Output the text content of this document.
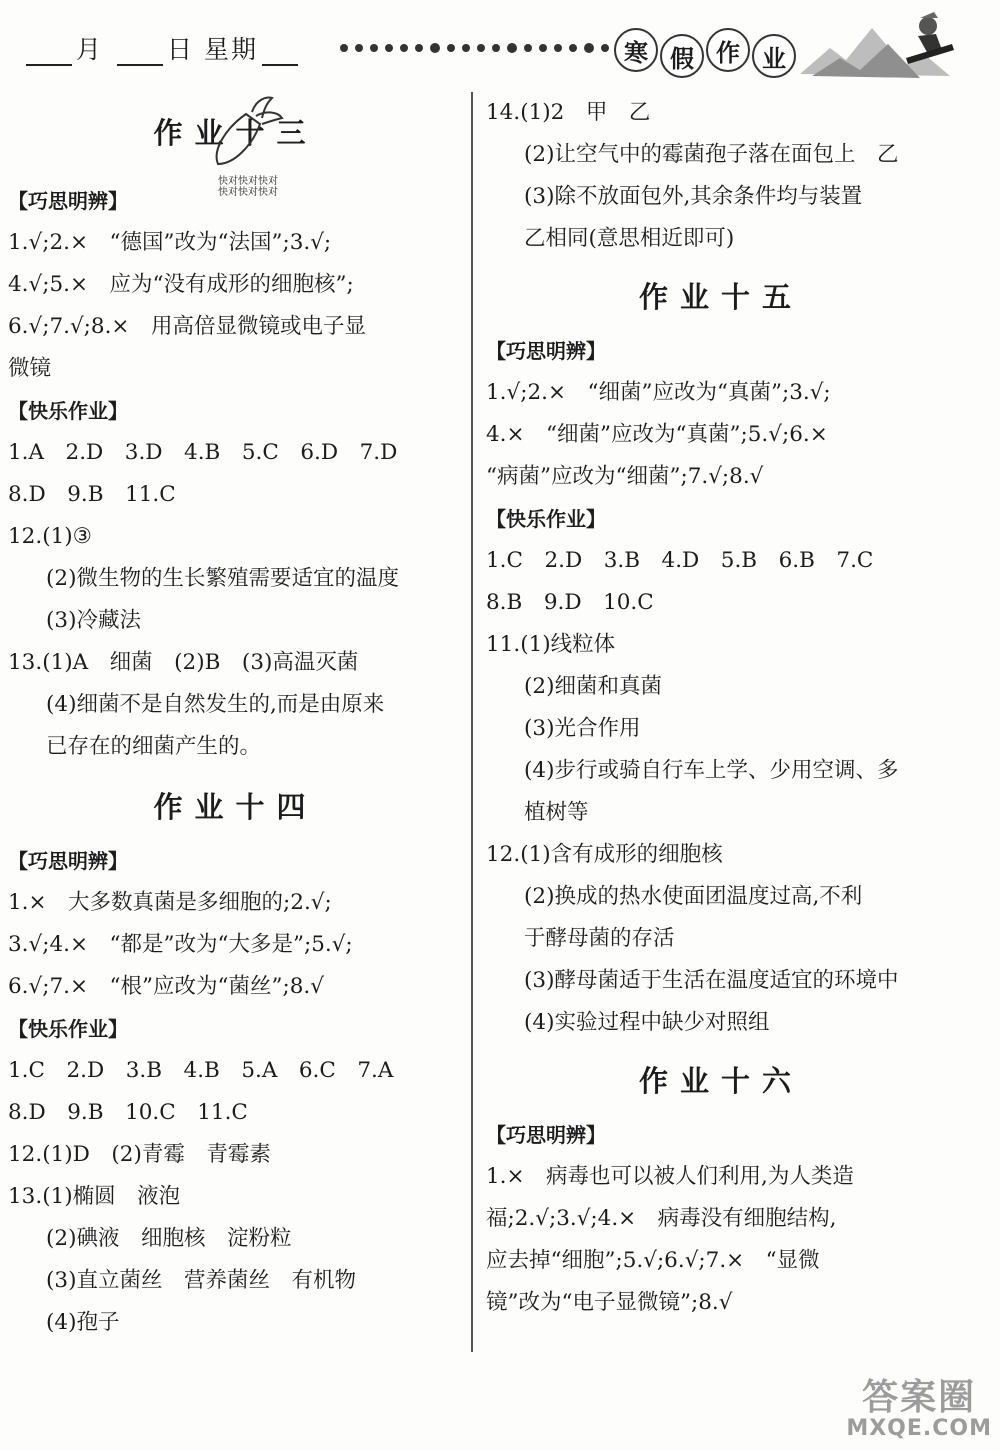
月	日 星期	寒 假 作 业
作业十三
快对快对快对
快对快对快对
【巧思明辨】
1.√;2.×　“德国”改为“法国”;3.√;
4.√;5.×　应为“没有成形的细胞核”;
6.√;7.√;8.×　用高倍显微镜或电子显
微镜
【快乐作业】
1.A　2.D　3.D　4.B　5.C　6.D　7.D
8.D　9.B　11.C
12.(1)③
(2)微生物的生长繁殖需要适宜的温度
(3)冷藏法
13.(1)A　细菌　(2)B　(3)高温灭菌
(4)细菌不是自然发生的,而是由原来
已存在的细菌产生的。
作业十四
【巧思明辨】
1.×　大多数真菌是多细胞的;2.√;
3.√;4.×　“都是”改为“大多是”;5.√;
6.√;7.×　“根”应改为“菌丝”;8.√
【快乐作业】
1.C　2.D　3.B　4.B　5.A　6.C　7.A
8.D　9.B　10.C　11.C
12.(1)D　(2)青霉　青霉素
13.(1)椭圆　液泡
(2)碘液　细胞核　淀粉粒
(3)直立菌丝　营养菌丝　有机物
(4)孢子
14.(1)2　甲　乙
(2)让空气中的霉菌孢子落在面包上　乙
(3)除不放面包外,其余条件均与装置
乙相同(意思相近即可)
作业十五
【巧思明辨】
1.√;2.×　“细菌”应改为“真菌”;3.√;
4.×　“细菌”应改为“真菌”;5.√;6.×
“病菌”应改为“细菌”;7.√;8.√
【快乐作业】
1.C　2.D　3.B　4.D　5.B　6.B　7.C
8.B　9.D　10.C
11.(1)线粒体
(2)细菌和真菌
(3)光合作用
(4)步行或骑自行车上学、少用空调、多
植树等
12.(1)含有成形的细胞核
(2)换成的热水使面团温度过高,不利
于酵母菌的存活
(3)酵母菌适于生活在温度适宜的环境中
(4)实验过程中缺少对照组
作业十六
【巧思明辨】
1.×　病毒也可以被人们利用,为人类造
福;2.√;3.√;4.×　病毒没有细胞结构,
应去掉“细胞”;5.√;6.√;7.×　“显微
镜”改为“电子显微镜”;8.√
答案圈
MXQE.COM
